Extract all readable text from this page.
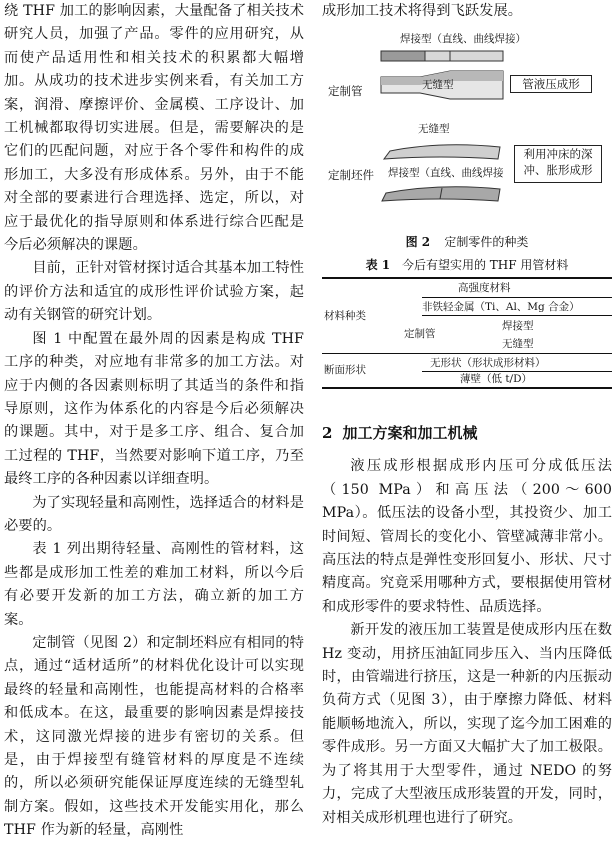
绕 THF 加工的影响因素，大量配备了相关技术研究人员，加强了产品。零件的应用研究，从而使产品适用性和相关技术的积累都大幅增加。从成功的技术进步实例来看，有关加工方案，润滑、摩擦评价、金属模、工序设计、加工机械都取得切实进展。但是，需要解决的是它们的匹配问题，对应于各个零件和构件的成形加工，大多没有形成体系。另外，由于不能对全部的要素进行合理选择、选定，所以，对应于最优化的指导原则和体系进行综合匹配是今后必须解决的课题。

目前，正针对管材探讨适合其基本加工特性的评价方法和适宜的成形性评价试验方案，起动有关钢管的研究计划。

图 1 中配置在最外周的因素是构成 THF 工序的种类，对应地有非常多的加工方法。对应于内侧的各因素则标明了其适当的条件和指导原则，这作为体系化的内容是今后必须解决的课题。其中，对于是多工序、组合、复合加工过程的 THF，当然要对影响下道工序，乃至最终工序的各种因素以详细查明。

为了实现轻量和高刚性，选择适合的材料是必要的。

表 1 列出期待轻量、高刚性的管材料，这些都是成形加工性差的难加工材料，所以今后有必要开发新的加工方法，确立新的加工方案。

定制管（见图 2）和定制坯料应有相同的特点，通过“适材适所”的材料优化设计可以实现最终的轻量和高刚性，也能提高材料的合格率和低成本。在这，最重要的影响因素是焊接技术，这同激光焊接的进步有密切的关系。但是，由于焊接型有缝管材料的厚度是不连续的，所以必须研究能保证厚度连续的无缝型轧制方案。假如，这些技术开发能实用化，那么 THF 作为新的轻量，高刚性

成形加工技术将得到飞跃发展。

焊接型（直线、曲线焊接）
定制管	无缝型	管液压成形
无缝型
定制坯件 焊接型（直线、曲线焊接
利用冲床的深
冲、胀形成形
图 2 定制零件的种类
表 1 今后有望实用的 THF 用管材料
高强度材料
材料种类
非铁轻金属（Ti、Al、Mg 合金）
焊接型
定制管
无缝型
断面形状
无形状（形状成形材料）
薄壁（低 t/D）
2 加工方案和加工机械

液压成形根据成形内压可分成低压法（150 MPa）和高压法（200～600 MPa）。低压法的设备小型，其投资少、加工时间短、管周长的变化小、管壁减薄非常小。高压法的特点是弹性变形回复小、形状、尺寸精度高。究竟采用哪种方式，要根据使用管材和成形零件的要求特性、品质选择。

新开发的液压加工装置是使成形内压在数 Hz 变动，用挤压油缸同步压入、当内压降低时，由管端进行挤压，这是一种新的内压振动负荷方式（见图 3），由于摩擦力降低、材料能顺畅地流入，所以，实现了迄今加工困难的零件成形。另一方面又大幅扩大了加工极限。为了将其用于大型零件，通过 NEDO 的努力，完成了大型液压成形装置的开发，同时，对相关成形机理也进行了研究。
